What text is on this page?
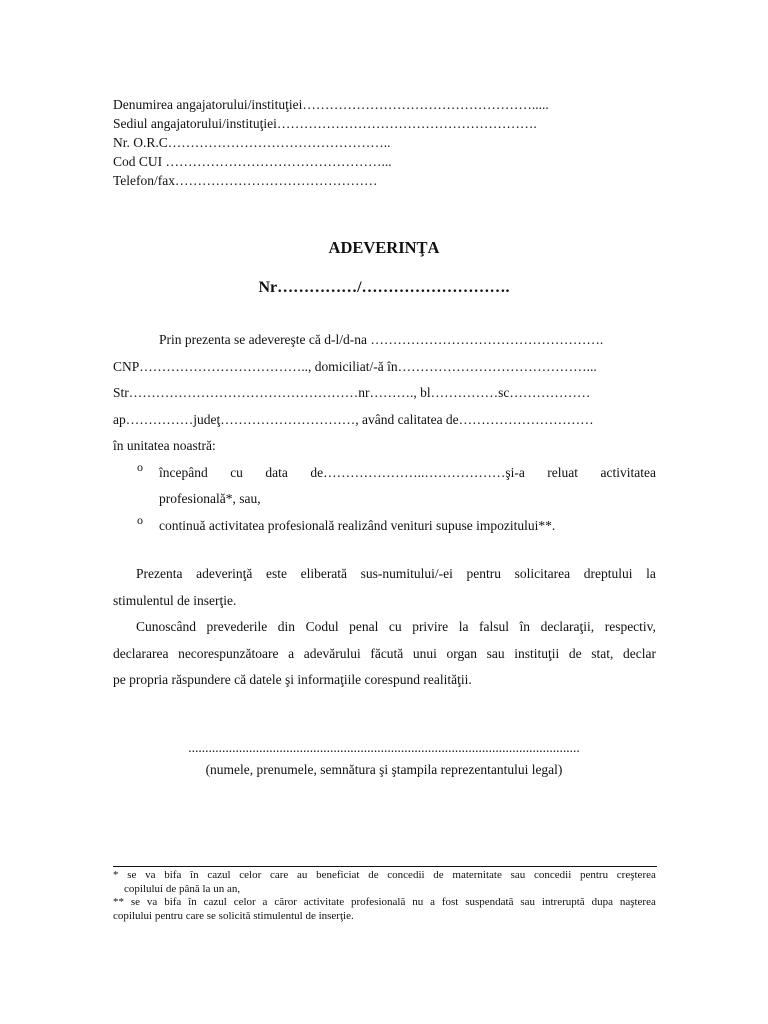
Denumirea angajatorului/instituţiei…………………………………………….....
Sediul angajatorului/instituţiei………………………………………………….
Nr. O.R.C…………………………………………..
Cod CUI …………………………………………...
Telefon/fax………………………………………
ADEVERINŢA
Nr……………/……………………….
Prin prezenta se adevereşte că d-l/d-na …………………………………………….
CNP……………………………….., domiciliat/-ă în……………………………………...
Str……………………………………………nr………., bl……………sc………………
ap……………judeţ…………………………, având calitatea de…………………………
în unitatea noastră:
o începând cu data de…………………..………………şi-a reluat activitatea
profesională*, sau,
o continuă activitatea profesională realizând venituri supuse impozitului**.
Prezenta adeverinţă este eliberată sus-numitului/-ei pentru solicitarea dreptului la
stimulentul de inserţie.
Cunoscând prevederile din Codul penal cu privire la falsul în declaraţii, respectiv,
declararea necorespunzătoare a adevărului făcută unui organ sau instituţii de stat, declar
pe propria răspundere că datele şi informaţiile corespund realităţii.
....................................................................................................................
(numele, prenumele, semnătura şi ştampila reprezentantului legal)
* se va bifa în cazul celor care au beneficiat de concedii de maternitate sau concedii pentru creşterea
copilului de până la un an,
** se va bifa în cazul celor a căror activitate profesională nu a fost suspendată sau intreruptă dupa naşterea
copilului pentru care se solicită stimulentul de inserţie.
